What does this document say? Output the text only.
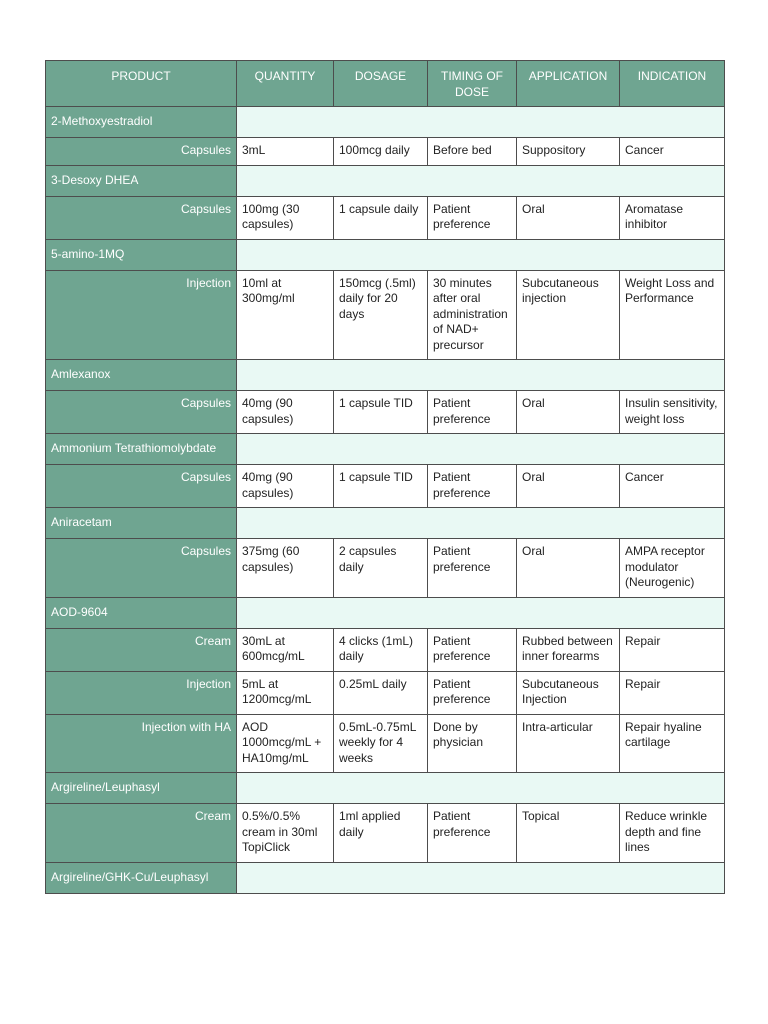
PRODUCT	QUANTITY	DOSAGE	TIMING OF DOSE	APPLICATION	INDICATION
2-Methoxyestradiol					
Capsules	3mL	100mcg daily	Before bed	Suppository	Cancer
3-Desoxy DHEA					
Capsules	100mg (30 capsules)	1 capsule daily	Patient preference	Oral	Aromatase inhibitor
5-amino-1MQ					
Injection	10ml at 300mg/ml	150mcg (.5ml) daily for 20 days	30 minutes after oral administration of NAD+ precursor	Subcutaneous injection	Weight Loss and Performance
Amlexanox					
Capsules	40mg (90 capsules)	1 capsule TID	Patient preference	Oral	Insulin sensitivity, weight loss
Ammonium Tetrathiomolybdate					
Capsules	40mg (90 capsules)	1 capsule TID	Patient preference	Oral	Cancer
Aniracetam					
Capsules	375mg (60 capsules)	2 capsules daily	Patient preference	Oral	AMPA receptor modulator (Neurogenic)
AOD-9604					
Cream	30mL at 600mcg/mL	4 clicks (1mL) daily	Patient preference	Rubbed between inner forearms	Repair
Injection	5mL at 1200mcg/mL	0.25mL daily	Patient preference	Subcutaneous Injection	Repair
Injection with HA	AOD 1000mcg/mL + HA10mg/mL	0.5mL-0.75mL weekly for 4 weeks	Done by physician	Intra-articular	Repair hyaline cartilage
Argireline/Leuphasyl					
Cream	0.5%/0.5% cream in 30ml TopiClick	1ml applied daily	Patient preference	Topical	Reduce wrinkle depth and fine lines
Argireline/GHK-Cu/Leuphasyl					
